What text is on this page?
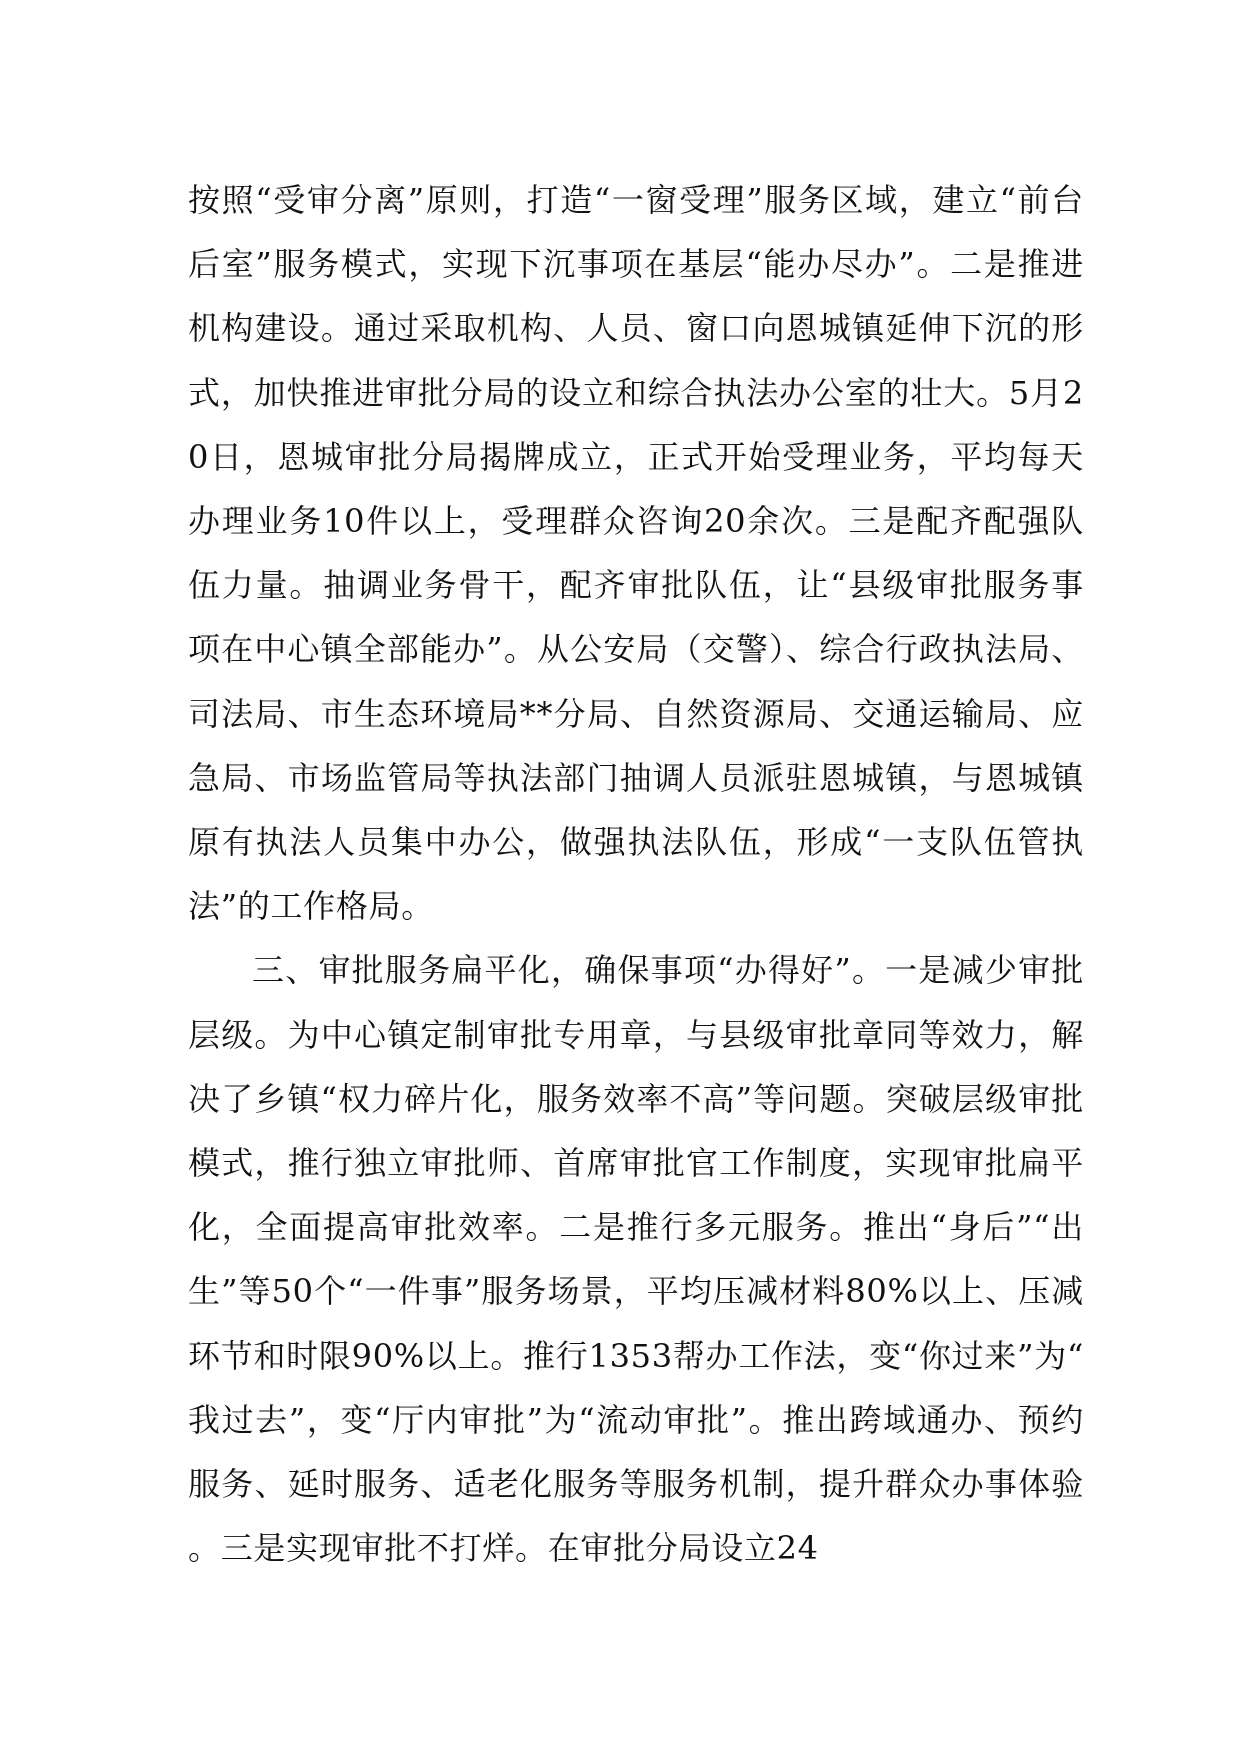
按照“受审分离”原则，打造“一窗受理”服务区域，建立“前台后室”服务模式，实现下沉事项在基层“能办尽办”。二是推进机构建设。通过采取机构、人员、窗口向恩城镇延伸下沉的形式，加快推进审批分局的设立和综合执法办公室的壮大。5月20日，恩城审批分局揭牌成立，正式开始受理业务，平均每天办理业务10件以上，受理群众咨询20余次。三是配齐配强队伍力量。抽调业务骨干，配齐审批队伍，让“县级审批服务事项在中心镇全部能办”。从公安局（交警）、综合行政执法局、司法局、市生态环境局**分局、自然资源局、交通运输局、应急局、市场监管局等执法部门抽调人员派驻恩城镇，与恩城镇原有执法人员集中办公，做强执法队伍，形成“一支队伍管执法”的工作格局。

三、审批服务扁平化，确保事项“办得好”。一是减少审批层级。为中心镇定制审批专用章，与县级审批章同等效力，解决了乡镇“权力碎片化，服务效率不高”等问题。突破层级审批模式，推行独立审批师、首席审批官工作制度，实现审批扁平化，全面提高审批效率。二是推行多元服务。推出“身后”“出生”等50个“一件事”服务场景，平均压减材料80%以上、压减环节和时限90%以上。推行1353帮办工作法，变“你过来”为“我过去”，变“厅内审批”为“流动审批”。推出跨域通办、预约服务、延时服务、适老化服务等服务机制，提升群众办事体验。三是实现审批不打烊。在审批分局设立24
